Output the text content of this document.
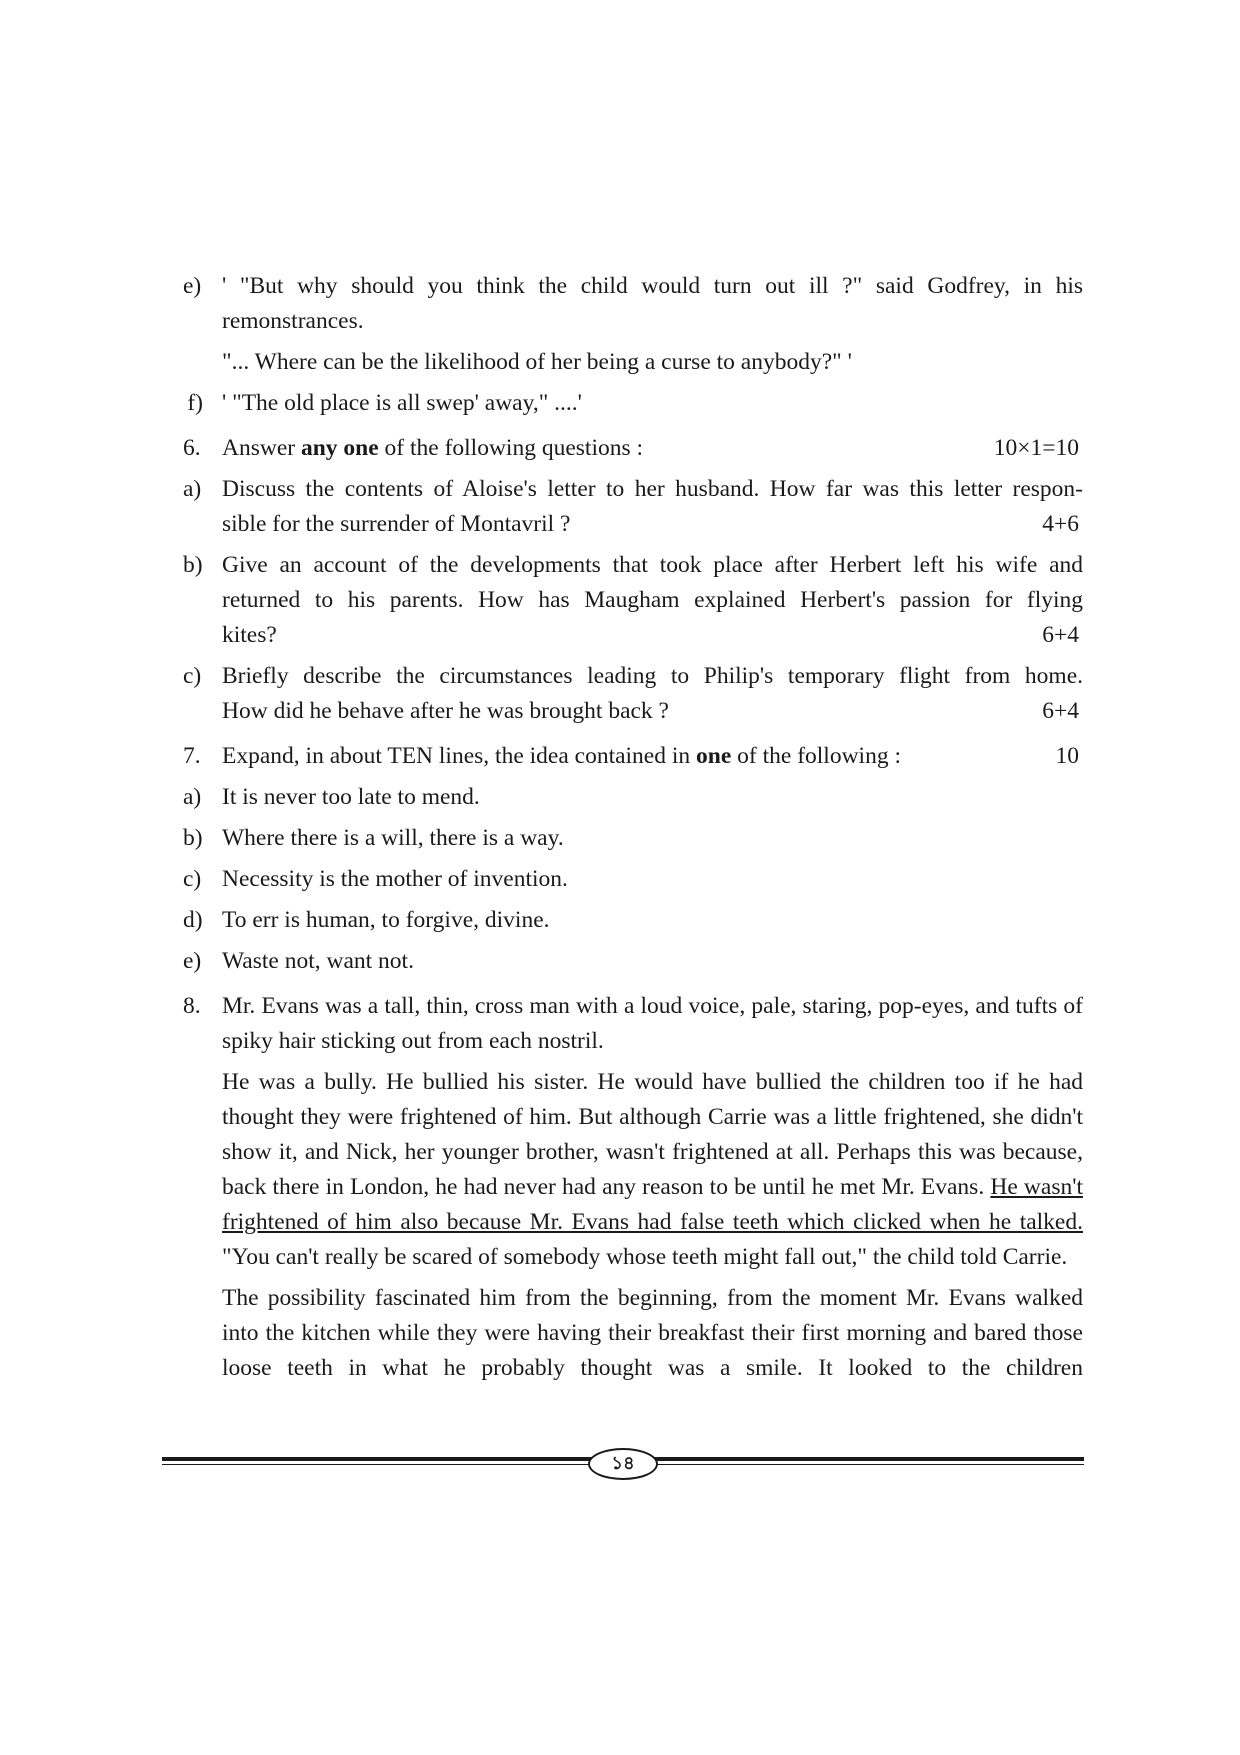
e) ' "But why should you think the child would turn out ill ?" said Godfrey, in his remonstrances.
"... Where can be the likelihood of her being a curse to anybody?" '
f) ' "The old place is all swep' away," ....'
6. Answer any one of the following questions :	10×1=10
a) Discuss the contents of Aloise's letter to her husband. How far was this letter respon-
sible for the surrender of Montavril ?	4+6
b) Give an account of the developments that took place after Herbert left his wife and returned to his parents. How has Maugham explained Herbert's passion for flying
kites?	6+4
c) Briefly describe the circumstances leading to Philip's temporary flight from home.
How did he behave after he was brought back ?	6+4
7. Expand, in about TEN lines, the idea contained in one of the following :	10
a) It is never too late to mend.
b) Where there is a will, there is a way.
c) Necessity is the mother of invention.
d) To err is human, to forgive, divine.
e) Waste not, want not.
8. Mr. Evans was a tall, thin, cross man with a loud voice, pale, staring, pop-eyes, and tufts of spiky hair sticking out from each nostril.
He was a bully. He bullied his sister. He would have bullied the children too if he had thought they were frightened of him. But although Carrie was a little frightened, she didn't show it, and Nick, her younger brother, wasn't frightened at all. Perhaps this was because, back there in London, he had never had any reason to be until he met Mr. Evans. He wasn't frightened of him also because Mr. Evans had false teeth which clicked when he talked. "You can't really be scared of somebody whose teeth might fall out," the child told Carrie.
The possibility fascinated him from the beginning, from the moment Mr. Evans walked into the kitchen while they were having their breakfast their first morning and bared those loose teeth in what he probably thought was a smile. It looked to the children
১৪
